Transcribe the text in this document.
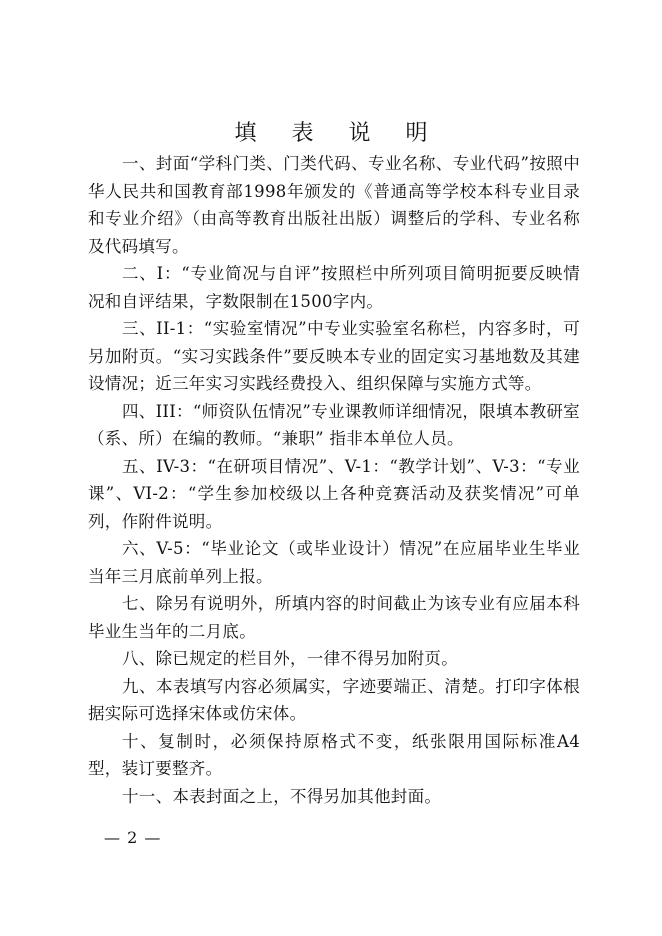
填 表 说 明

一、封面“学科门类、门类代码、专业名称、专业代码”按照中华人民共和国教育部1998年颁发的《普通高等学校本科专业目录和专业介绍》（由高等教育出版社出版）调整后的学科、专业名称及代码填写。

二、I：“专业简况与自评”按照栏中所列项目简明扼要反映情况和自评结果，字数限制在1500字内。

三、II-1：“实验室情况”中专业实验室名称栏，内容多时，可另加附页。“实习实践条件”要反映本专业的固定实习基地数及其建设情况；近三年实习实践经费投入、组织保障与实施方式等。

四、III：“师资队伍情况”专业课教师详细情况，限填本教研室（系、所）在编的教师。“兼职” 指非本单位人员。

五、IV-3：“在研项目情况”、V-1：“教学计划”、V-3：“专业课”、VI-2：“学生参加校级以上各种竞赛活动及获奖情况”可单列，作附件说明。

六、V-5：“毕业论文（或毕业设计）情况”在应届毕业生毕业当年三月底前单列上报。

七、除另有说明外，所填内容的时间截止为该专业有应届本科毕业生当年的二月底。

八、除已规定的栏目外，一律不得另加附页。

九、本表填写内容必须属实，字迹要端正、清楚。打印字体根据实际可选择宋体或仿宋体。

十、复制时，必须保持原格式不变，纸张限用国际标准A4型，装订要整齐。

十一、本表封面之上，不得另加其他封面。

— 2 —
